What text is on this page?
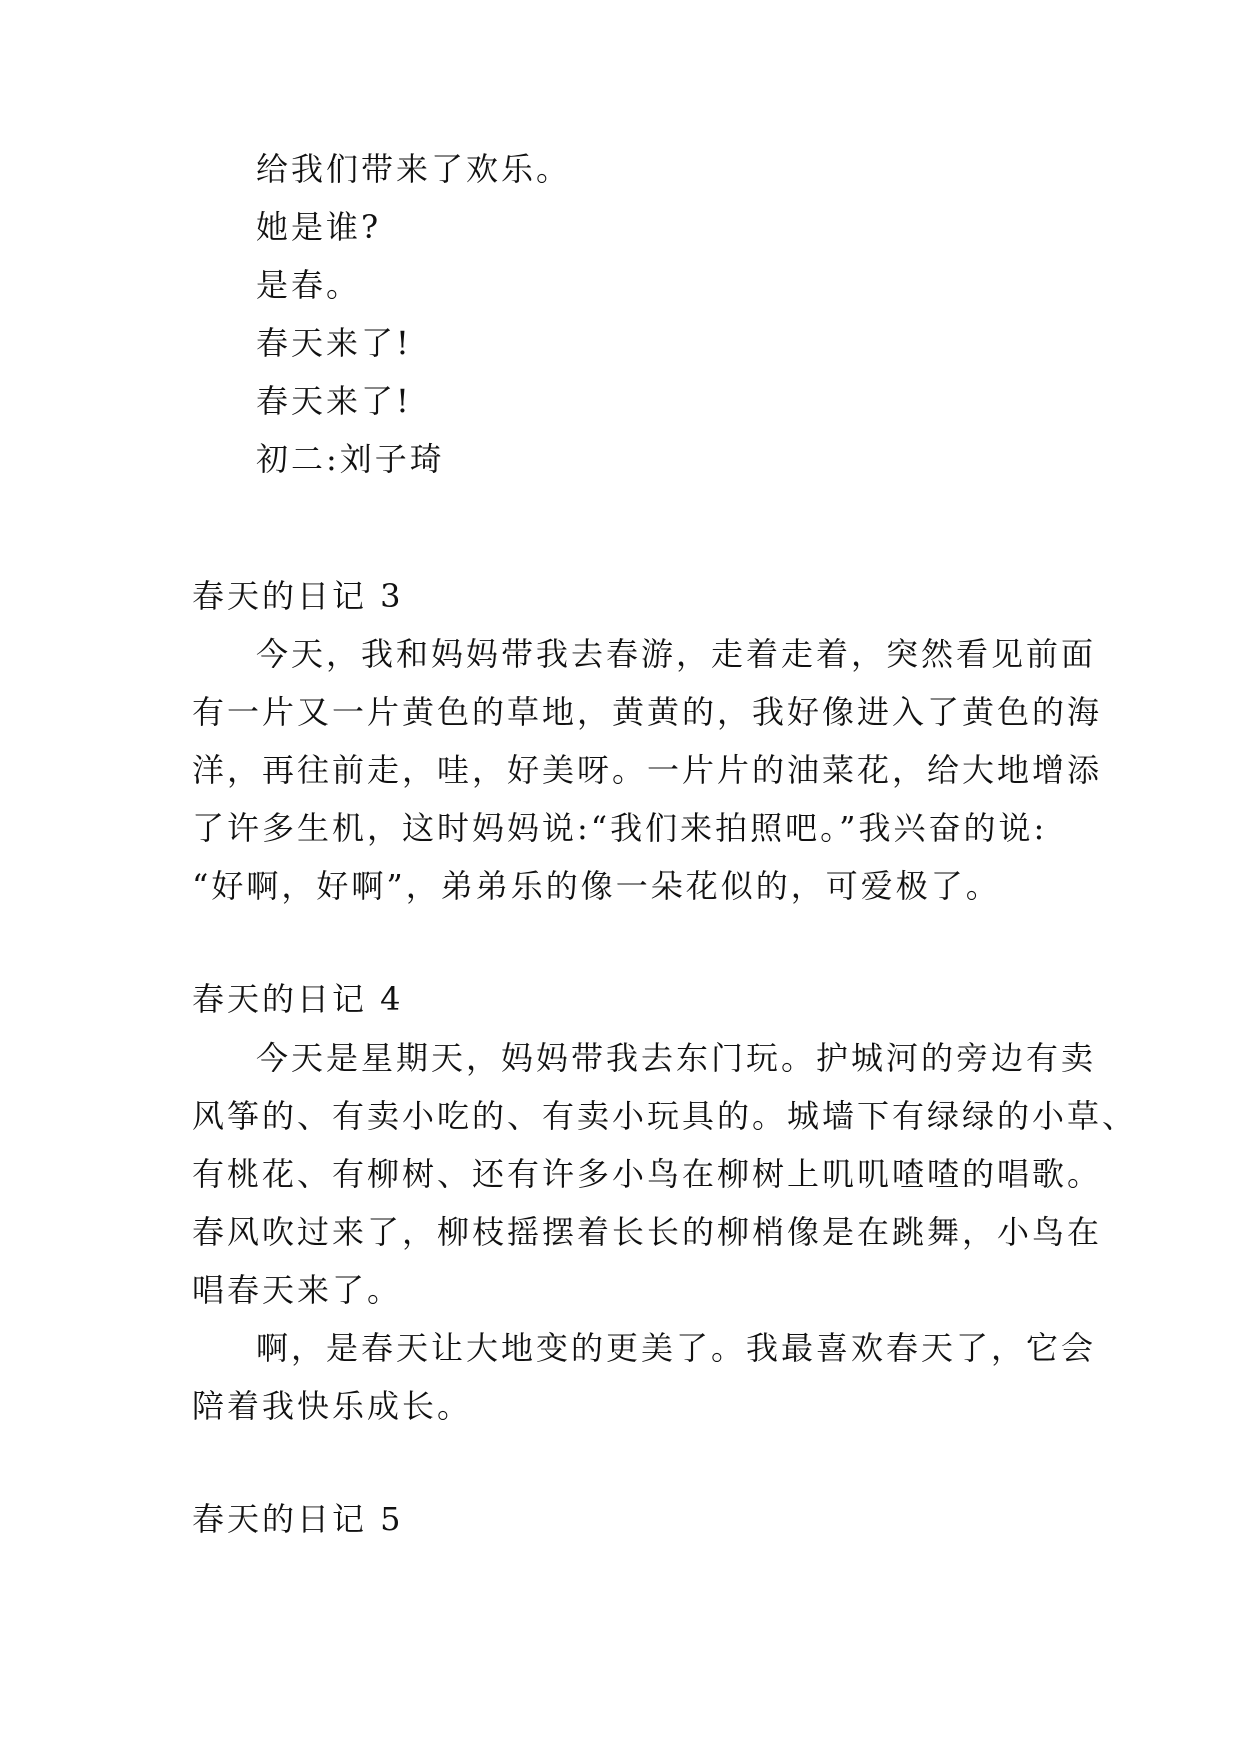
给我们带来了欢乐。
她是谁?
是春。
春天来了!
春天来了!
初二:刘子琦
春天的日记 3
今天，我和妈妈带我去春游，走着走着，突然看见前面
有一片又一片黄色的草地，黄黄的，我好像进入了黄色的海
洋，再往前走，哇，好美呀。一片片的油菜花，给大地增添
了许多生机，这时妈妈说:“我们来拍照吧。”我兴奋的说:
“好啊，好啊”，弟弟乐的像一朵花似的，可爱极了。
春天的日记 4
今天是星期天，妈妈带我去东门玩。护城河的旁边有卖
风筝的、有卖小吃的、有卖小玩具的。城墙下有绿绿的小草、
有桃花、有柳树、还有许多小鸟在柳树上叽叽喳喳的唱歌。
春风吹过来了，柳枝摇摆着长长的柳梢像是在跳舞，小鸟在
唱春天来了。
啊，是春天让大地变的更美了。我最喜欢春天了，它会
陪着我快乐成长。
春天的日记 5
